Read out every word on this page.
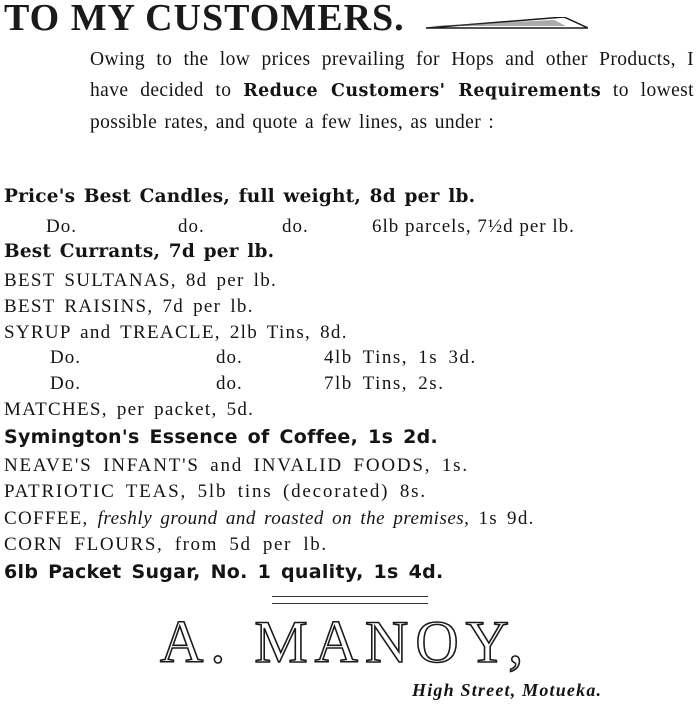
TO MY CUSTOMERS.

Owing to the low prices prevailing for Hops and other Products, I have decided to Reduce Customers' Requirements to lowest possible rates, and quote a few lines, as under :

Price's Best Candles, full weight, 8d per lb.
Do.	do.	do.	6lb parcels, 7½d per lb.
Best Currants, 7d per lb.
BEST SULTANAS, 8d per lb.
BEST RAISINS, 7d per lb.
SYRUP and TREACLE, 2lb Tins, 8d.
Do.	do.	4lb Tins, 1s 3d.
Do.	do.	7lb Tins, 2s.
MATCHES, per packet, 5d.
Symington's Essence of Coffee, 1s 2d.
NEAVE'S INFANT'S and INVALID FOODS, 1s.
PATRIOTIC TEAS, 5lb tins (decorated) 8s.
COFFEE, freshly ground and roasted on the premises, 1s 9d.
CORN FLOURS, from 5d per lb.
6lb Packet Sugar, No. 1 quality, 1s 4d.
A. MANOY,
High Street, Motueka.
